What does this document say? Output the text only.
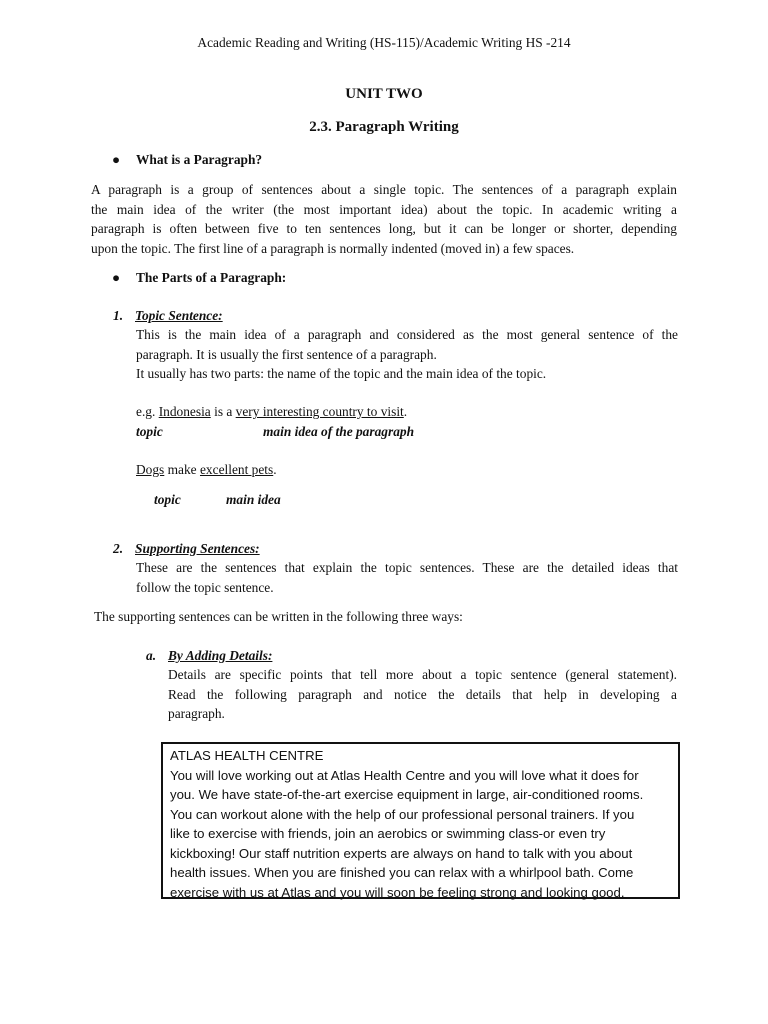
Academic Reading and Writing (HS-115)/Academic Writing HS -214
UNIT TWO
2.3. Paragraph Writing
● What is a Paragraph?
A paragraph is a group of sentences about a single topic. The sentences of a paragraph explain
the main idea of the writer (the most important idea) about the topic. In academic writing a
paragraph is often between five to ten sentences long, but it can be longer or shorter, depending
upon the topic. The first line of a paragraph is normally indented (moved in) a few spaces.
● The Parts of a Paragraph:
1. Topic Sentence:
This is the main idea of a paragraph and considered as the most general sentence of the
paragraph. It is usually the first sentence of a paragraph.
It usually has two parts: the name of the topic and the main idea of the topic.
e.g. Indonesia is a very interesting country to visit.
topic	main idea of the paragraph
Dogs make excellent pets.
topic	main idea
2. Supporting Sentences:
These are the sentences that explain the topic sentences. These are the detailed ideas that
follow the topic sentence.
The supporting sentences can be written in the following three ways:
a. By Adding Details:
Details are specific points that tell more about a topic sentence (general statement).
Read the following paragraph and notice the details that help in developing a
paragraph.
ATLAS HEALTH CENTRE
You will love working out at Atlas Health Centre and you will love what it does for
you. We have state-of-the-art exercise equipment in large, air-conditioned rooms.
You can workout alone with the help of our professional personal trainers. If you
like to exercise with friends, join an aerobics or swimming class-or even try
kickboxing! Our staff nutrition experts are always on hand to talk with you about
health issues. When you are finished you can relax with a whirlpool bath. Come
exercise with us at Atlas and you will soon be feeling strong and looking good.
